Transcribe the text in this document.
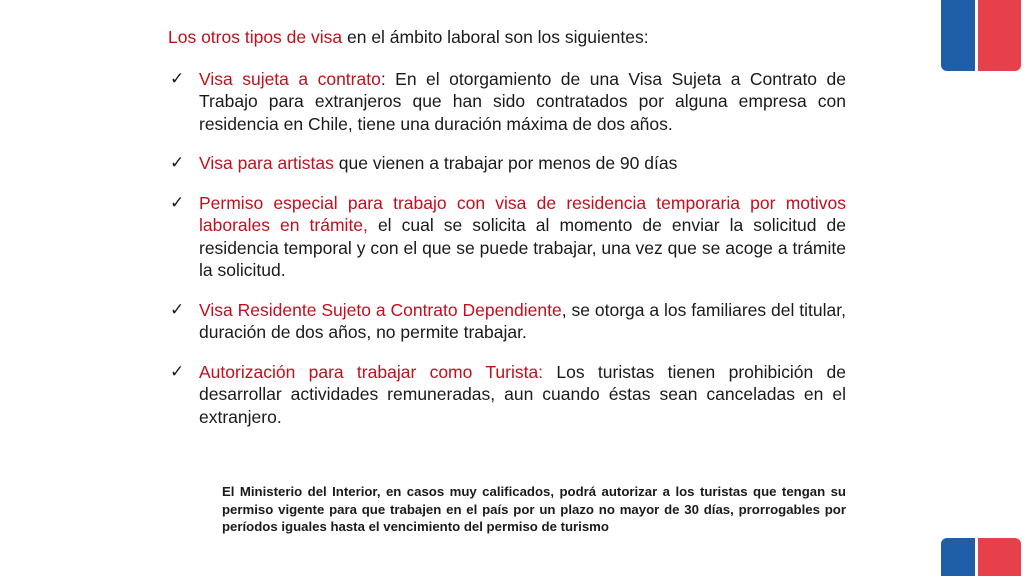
Los otros tipos de visa en el ámbito laboral son los siguientes:

✓ Visa sujeta a contrato: En el otorgamiento de una Visa Sujeta a Contrato de Trabajo para extranjeros que han sido contratados por alguna empresa con residencia en Chile, tiene una duración máxima de dos años.
✓ Visa para artistas que vienen a trabajar por menos de 90 días
✓ Permiso especial para trabajo con visa de residencia temporaria por motivos laborales en trámite, el cual se solicita al momento de enviar la solicitud de residencia temporal y con el que se puede trabajar, una vez que se acoge a trámite la solicitud.
✓ Visa Residente Sujeto a Contrato Dependiente, se otorga a los familiares del titular, duración de dos años, no permite trabajar.
✓ Autorización para trabajar como Turista: Los turistas tienen prohibición de desarrollar actividades remuneradas, aun cuando éstas sean canceladas en el extranjero.

El Ministerio del Interior, en casos muy calificados, podrá autorizar a los turistas que tengan su permiso vigente para que trabajen en el país por un plazo no mayor de 30 días, prorrogables por períodos iguales hasta el vencimiento del permiso de turismo
